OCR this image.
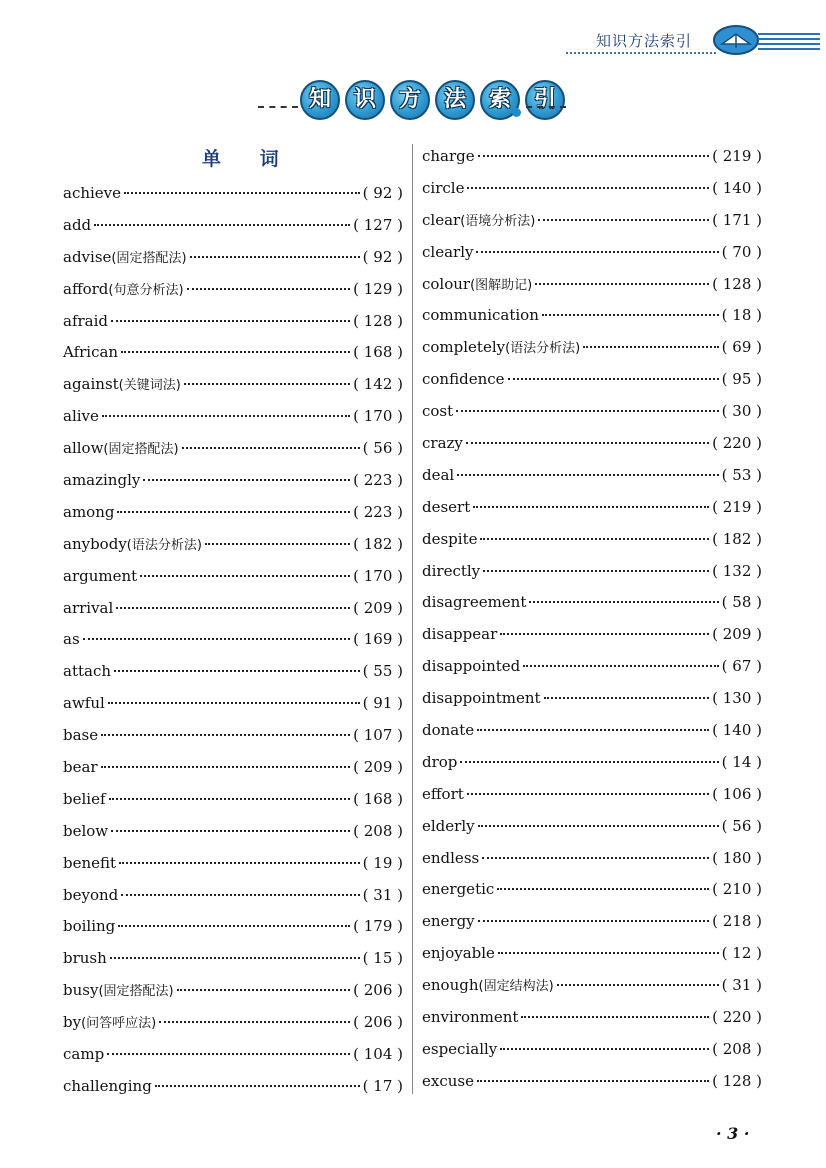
知识方法索引
知	识	方	法	索	引
单 词
achieve	( 92 )
add	( 127 )
advise (固定搭配法)	( 92 )
afford (句意分析法)	( 129 )
afraid	( 128 )
African	( 168 )
against (关键词法)	( 142 )
alive	( 170 )
allow (固定搭配法)	( 56 )
amazingly	( 223 )
among	( 223 )
anybody (语法分析法)	( 182 )
argument	( 170 )
arrival	( 209 )
as	( 169 )
attach	( 55 )
awful	( 91 )
base	( 107 )
bear	( 209 )
belief	( 168 )
below	( 208 )
benefit	( 19 )
beyond	( 31 )
boiling	( 179 )
brush	( 15 )
busy (固定搭配法)	( 206 )
by (问答呼应法)	( 206 )
camp	( 104 )
challenging	( 17 )
charge	( 219 )
circle	( 140 )
clear (语境分析法)	( 171 )
clearly	( 70 )
colour (图解助记)	( 128 )
communication	( 18 )
completely (语法分析法)	( 69 )
confidence	( 95 )
cost	( 30 )
crazy	( 220 )
deal	( 53 )
desert	( 219 )
despite	( 182 )
directly	( 132 )
disagreement	( 58 )
disappear	( 209 )
disappointed	( 67 )
disappointment	( 130 )
donate	( 140 )
drop	( 14 )
effort	( 106 )
elderly	( 56 )
endless	( 180 )
energetic	( 210 )
energy	( 218 )
enjoyable	( 12 )
enough (固定结构法)	( 31 )
environment	( 220 )
especially	( 208 )
excuse	( 128 )
· 3 ·
